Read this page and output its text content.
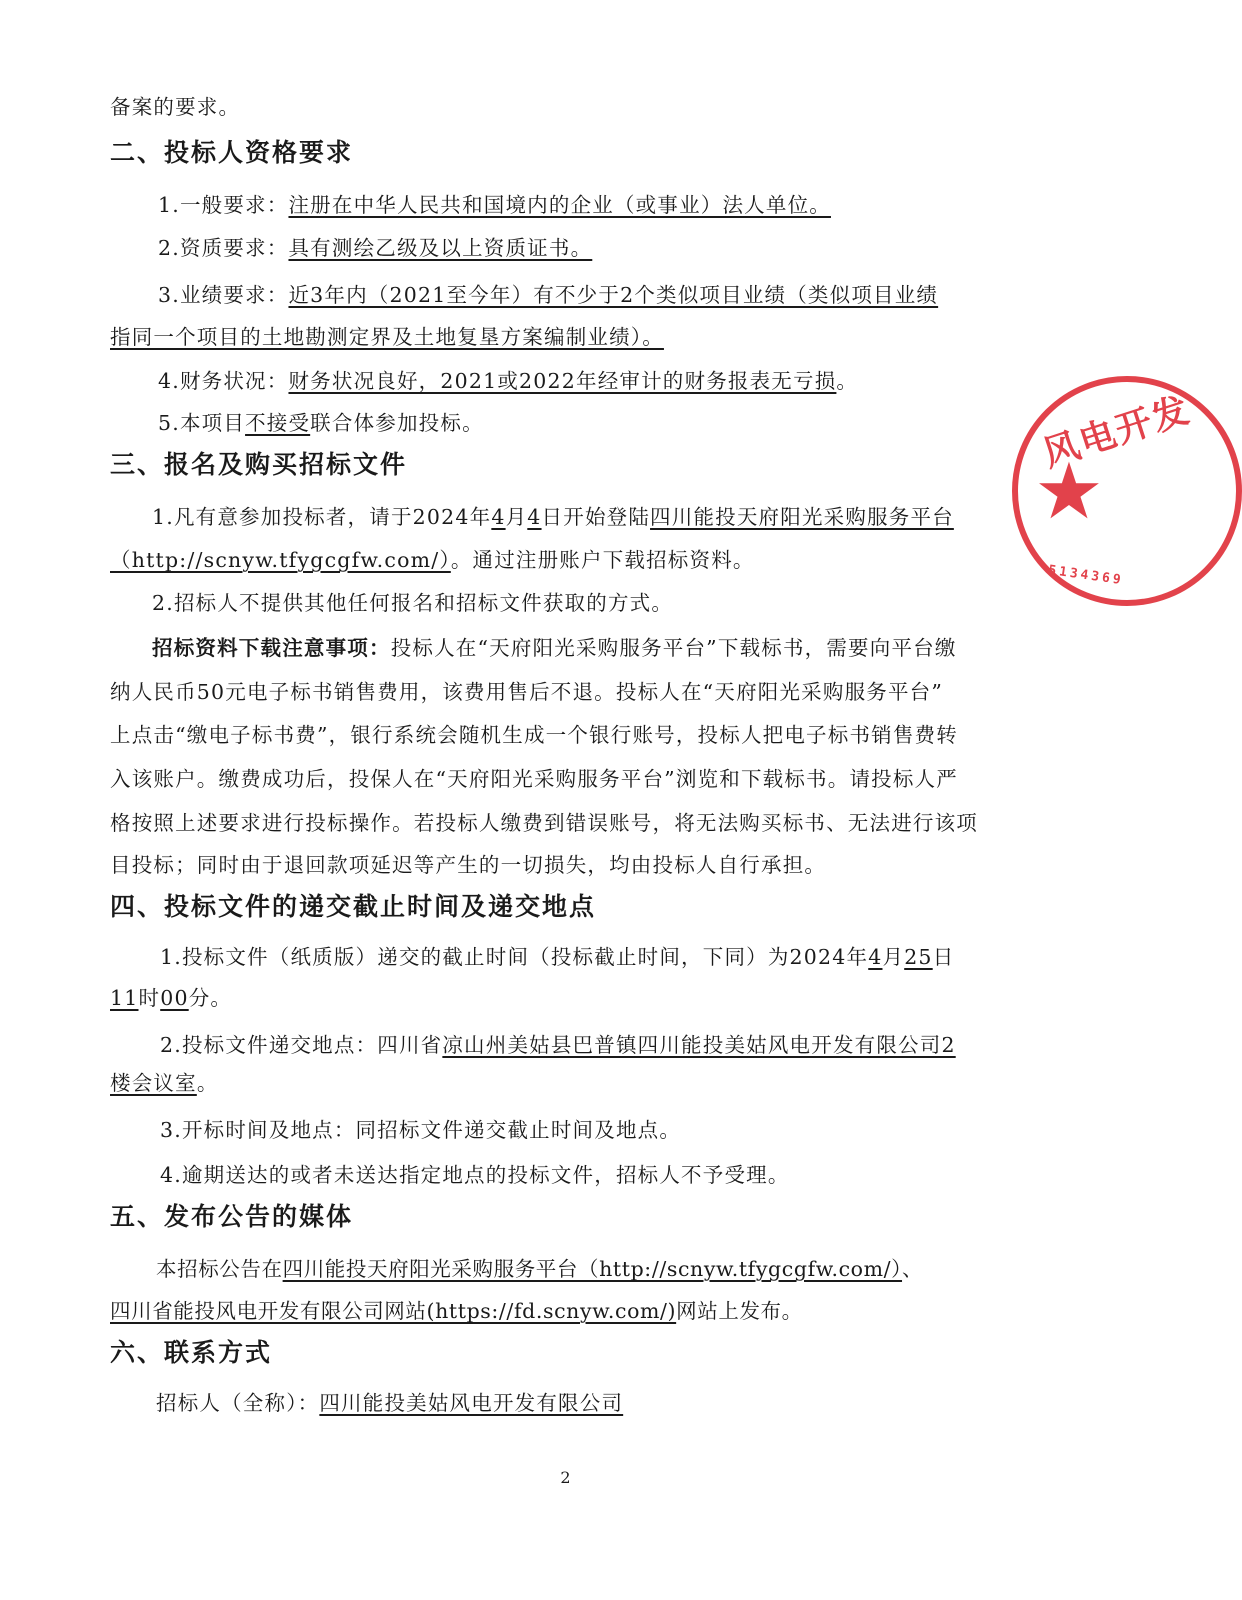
备案的要求。
二、投标人资格要求
1.一般要求：注册在中华人民共和国境内的企业（或事业）法人单位。
2.资质要求：具有测绘乙级及以上资质证书。
3.业绩要求：近3年内（2021至今年）有不少于2个类似项目业绩（类似项目业绩
指同一个项目的土地勘测定界及土地复垦方案编制业绩）。
4.财务状况：财务状况良好，2021或2022年经审计的财务报表无亏损。
5.本项目不接受联合体参加投标。
三、报名及购买招标文件
1.凡有意参加投标者，请于2024年4月4日开始登陆四川能投天府阳光采购服务平台
（http://scnyw.tfygcgfw.com/）。通过注册账户下载招标资料。
2.招标人不提供其他任何报名和招标文件获取的方式。
招标资料下载注意事项：投标人在“天府阳光采购服务平台”下载标书，需要向平台缴
纳人民币50元电子标书销售费用，该费用售后不退。投标人在“天府阳光采购服务平台”
上点击“缴电子标书费”，银行系统会随机生成一个银行账号，投标人把电子标书销售费转
入该账户。缴费成功后，投保人在“天府阳光采购服务平台”浏览和下载标书。请投标人严
格按照上述要求进行投标操作。若投标人缴费到错误账号，将无法购买标书、无法进行该项
目投标；同时由于退回款项延迟等产生的一切损失，均由投标人自行承担。
四、投标文件的递交截止时间及递交地点
1.投标文件（纸质版）递交的截止时间（投标截止时间，下同）为2024年4月25日
11时00分。
2.投标文件递交地点：四川省凉山州美姑县巴普镇四川能投美姑风电开发有限公司2
楼会议室。
3.开标时间及地点：同招标文件递交截止时间及地点。
4.逾期送达的或者未送达指定地点的投标文件，招标人不予受理。
五、发布公告的媒体
本招标公告在四川能投天府阳光采购服务平台（http://scnyw.tfygcgfw.com/）、
四川省能投风电开发有限公司网站(https://fd.scnyw.com/)网站上发布。
六、联系方式
招标人（全称）：四川能投美姑风电开发有限公司
2
风电开发
★
5134369
